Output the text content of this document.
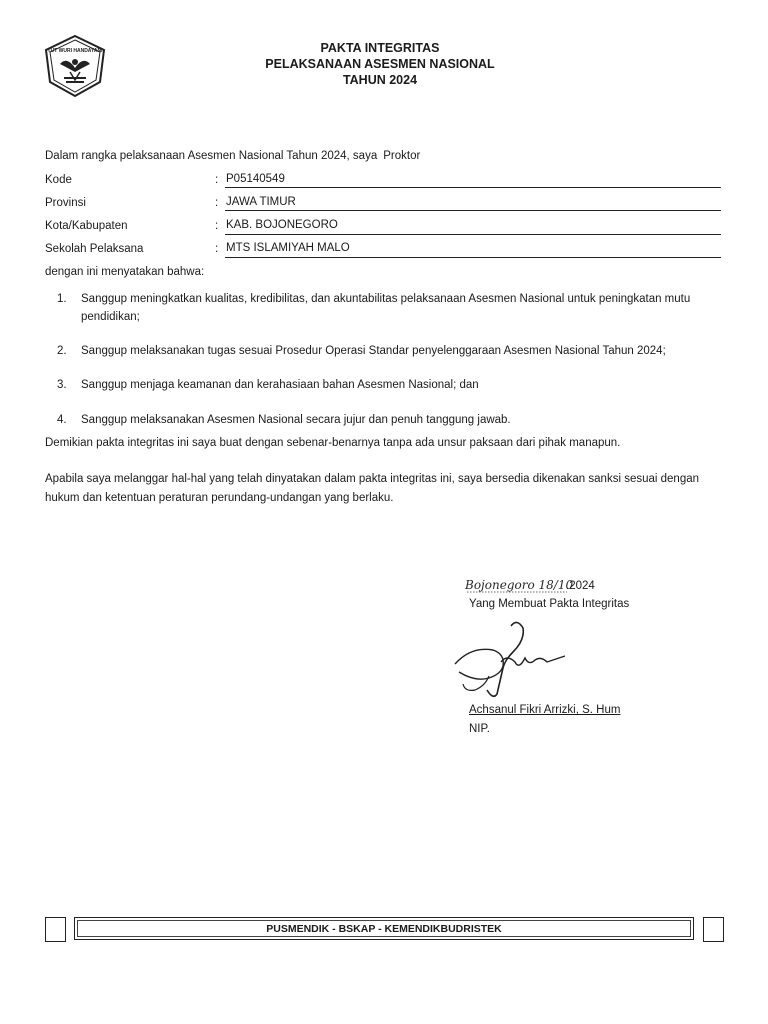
TUT WURI HANDAYANI	PAKTA INTEGRITAS
PELAKSANAAN ASESMEN NASIONAL
TAHUN 2024
Dalam rangka pelaksanaan Asesmen Nasional Tahun 2024, saya Proktor
Kode	: P05140549
Provinsi	: JAWA TIMUR
Kota/Kabupaten	: KAB. BOJONEGORO
Sekolah Pelaksana	: MTS ISLAMIYAH MALO
dengan ini menyatakan bahwa:
1. Sanggup meningkatkan kualitas, kredibilitas, dan akuntabilitas pelaksanaan Asesmen Nasional untuk peningkatan mutu pendidikan;
2. Sanggup melaksanakan tugas sesuai Prosedur Operasi Standar penyelenggaraan Asesmen Nasional Tahun 2024;
3. Sanggup menjaga keamanan dan kerahasiaan bahan Asesmen Nasional; dan
4. Sanggup melaksanakan Asesmen Nasional secara jujur dan penuh tanggung jawab.
Demikian pakta integritas ini saya buat dengan sebenar-benarnya tanpa ada unsur paksaan dari pihak manapun.
Apabila saya melanggar hal-hal yang telah dinyatakan dalam pakta integritas ini, saya bersedia dikenakan sanksi sesuai dengan hukum dan ketentuan peraturan perundang-undangan yang berlaku.
Bojonegoro 18/10
.2024
Yang Membuat Pakta Integritas
Achsanul Fikri Arrizki, S. Hum
NIP.
PUSMENDIK - BSKAP - KEMENDIKBUDRISTEK
